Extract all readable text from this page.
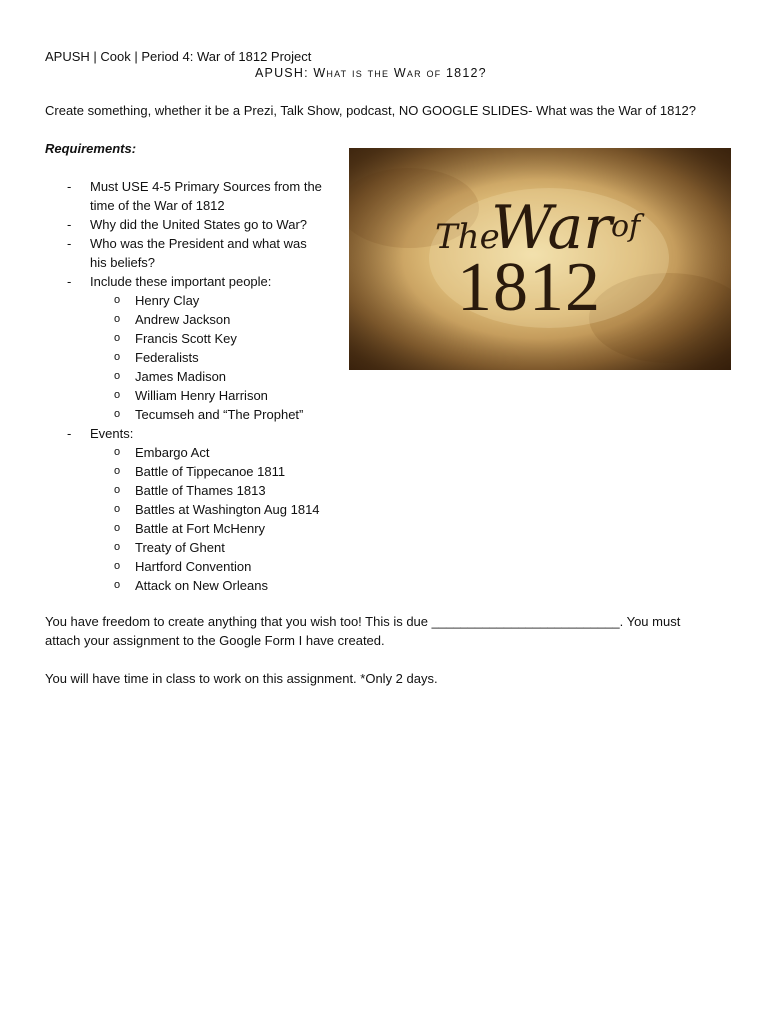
APUSH | Cook | Period 4: War of 1812 Project
APUSH: What is the War of 1812?
Create something, whether it be a Prezi, Talk Show, podcast, NO GOOGLE SLIDES- What was the War of 1812?
Requirements:
- Must USE 4-5 Primary Sources from the
time of the War of 1812
- Why did the United States go to War?
- Who was the President and what was
his beliefs?
- Include these important people:
o Henry Clay
o Andrew Jackson
o Francis Scott Key
o Federalists
o James Madison
o William Henry Harrison
o Tecumseh and “The Prophet”
- Events:
o Embargo Act
o Battle of Tippecanoe 1811
o Battle of Thames 1813
o Battles at Washington Aug 1814
o Battle at Fort McHenry
o Treaty of Ghent
o Hartford Convention
o Attack on New Orleans
The
War of
1812
You have freedom to create anything that you wish too! This is due __________________________. You must
attach your assignment to the Google Form I have created.
You will have time in class to work on this assignment. *Only 2 days.
